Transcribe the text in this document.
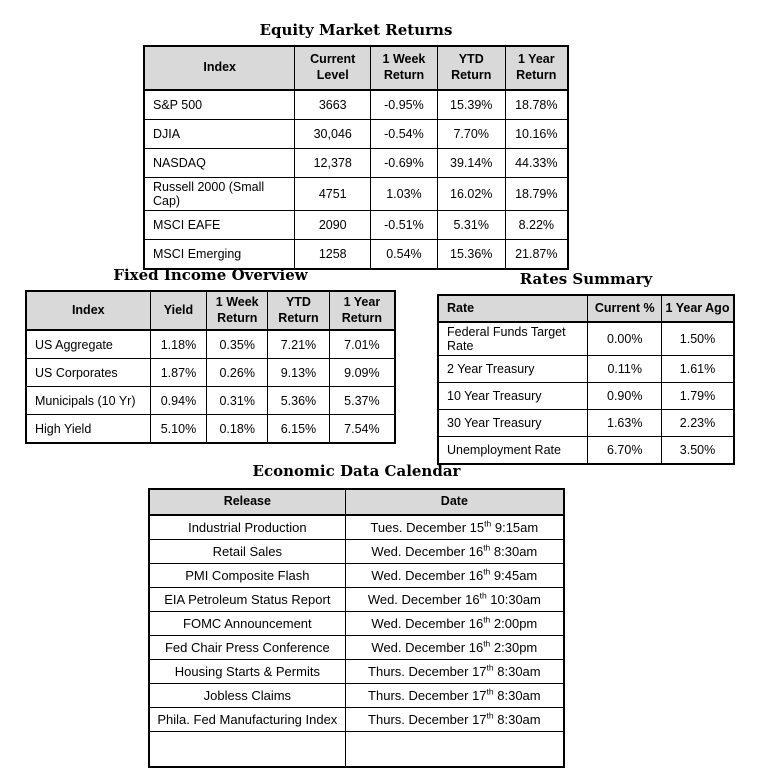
Equity Market Returns
Index	Current Level	1 Week Return	YTD Return	1 Year Return
S&P 500	3663	-0.95%	15.39%	18.78%
DJIA	30,046	-0.54%	7.70%	10.16%
NASDAQ	12,378	-0.69%	39.14%	44.33%
Russell 2000 (Small Cap)	4751	1.03%	16.02%	18.79%
MSCI EAFE	2090	-0.51%	5.31%	8.22%
MSCI Emerging	1258	0.54%	15.36%	21.87%
Fixed Income Overview
Index	Yield	1 Week Return	YTD Return	1 Year Return
US Aggregate	1.18%	0.35%	7.21%	7.01%
US Corporates	1.87%	0.26%	9.13%	9.09%
Municipals (10 Yr)	0.94%	0.31%	5.36%	5.37%
High Yield	5.10%	0.18%	6.15%	7.54%
Rates Summary
Rate	Current %	1 Year Ago
Federal Funds Target Rate	0.00%	1.50%
2 Year Treasury	0.11%	1.61%
10 Year Treasury	0.90%	1.79%
30 Year Treasury	1.63%	2.23%
Unemployment Rate	6.70%	3.50%
Economic Data Calendar
Release	Date
Industrial Production	Tues. December 15th 9:15am
Retail Sales	Wed. December 16th 8:30am
PMI Composite Flash	Wed. December 16th 9:45am
EIA Petroleum Status Report	Wed. December 16th 10:30am
FOMC Announcement	Wed. December 16th 2:00pm
Fed Chair Press Conference	Wed. December 16th 2:30pm
Housing Starts & Permits	Thurs. December 17th 8:30am
Jobless Claims	Thurs. December 17th 8:30am
Phila. Fed Manufacturing Index	Thurs. December 17th 8:30am
